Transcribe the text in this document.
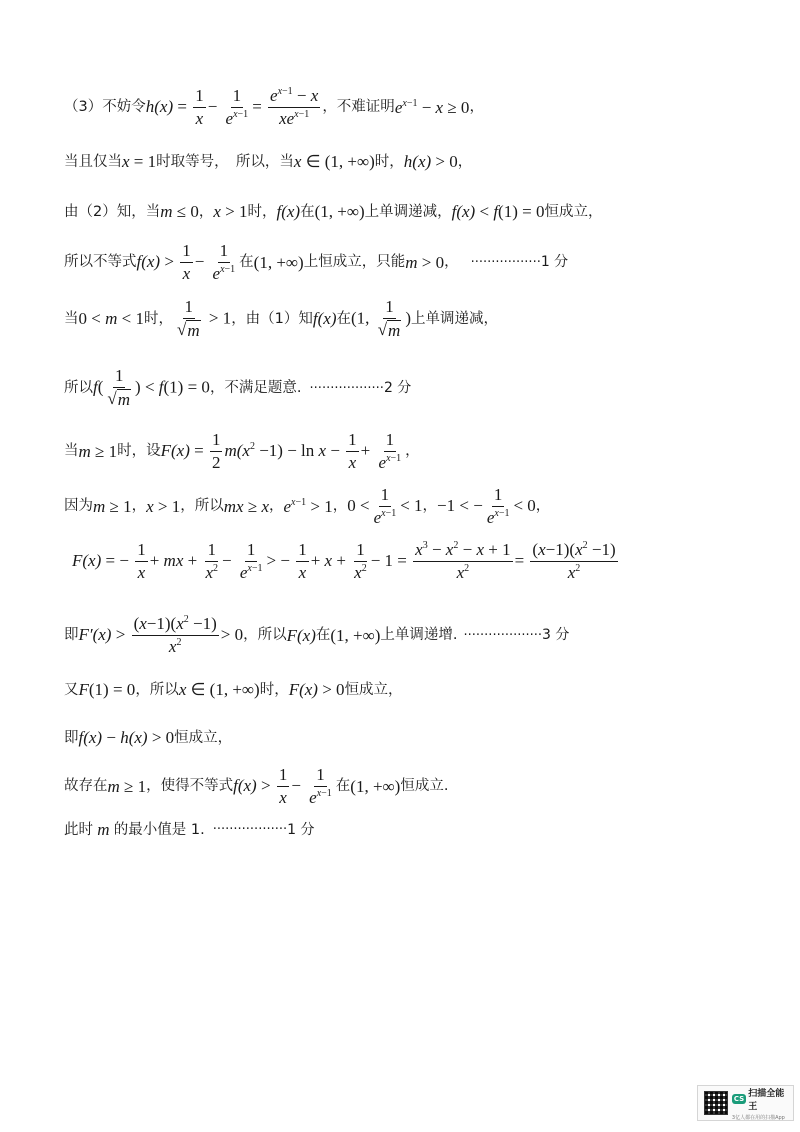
（3）不妨令 $h(x) = \frac{1}{x} - \frac{1}{e^{x-1}}$ =
$e^{x-1} - x$
$xe^{x-1}$ ，不难证明 $e^{x-1} - x \ge 0$ ，
当且仅当 x = 1 时取等号，　所以，当 x ∈ (1, +∞) 时， h(x) > 0 ，
由（2）知，当 m ≤ 0 ， x > 1 时， f(x) 在 (1, +∞) 上单调递减， f(x) < f(1) = 0 恒成立，
所以不等式 $f(x) > \frac{1}{x} - \frac{1}{e^{x-1}}$ 在 (1, +∞) 上恒成立，只能 m > 0 ， ················· 1 分
当 0 < m < 1 时， $\frac{1}{√ m} > 1$ ，由（1）知 f(x) 在 (1, $\frac{1}{√ m}$ ) 上单调递减，
所以 $f( \frac{1}{√ m}$ ) < f(1) = 0 ，不满足题意. ·················· 2 分
当 m ≥ 1 时，设 $F(x) = \frac{1}{2} m(x^2 -1) - \ln x - \frac{1}{x} + \frac{1}{e^{x-1}}$ ，
因为 m ≥ 1 ， x > 1 ，所以 mx ≥ x ， $e^{x-1} > 1$ ， $0 < \frac{1}{e^{x-1}} < 1$ ， −1 < − $\frac{1}{e^{x-1}} < 0$ ，
F(x) = − $\frac{1}{x}$ + mx + $\frac{1}{x^2} - \frac{1}{e^{x-1}}$ > − $\frac{1}{x} + x + \frac{1}{x^2} - 1 = \frac{x^3 - x^2 - x + 1}{x^2} = \frac{(x-1)(x^2 -1)}{x^2}$
即 $F'(x) > \frac{(x-1)(x^2 -1)}{x^2} > 0$ ，所以 F(x) 在 (1, +∞) 上单调递增. ··················· 3 分
又 F(1) = 0 ，所以 x ∈ (1, +∞) 时， F(x) > 0 恒成立，
即 f(x) − h(x) > 0 恒成立，
故存在 m ≥ 1 ，使得不等式 $f(x) > \frac{1}{x} - \frac{1}{e^{x-1}}$ 在 (1, +∞) 恒成立.
此时 m 的最小值是 1. ·················· 1 分
CS 扫描全能王
3亿人都在用的扫描App
